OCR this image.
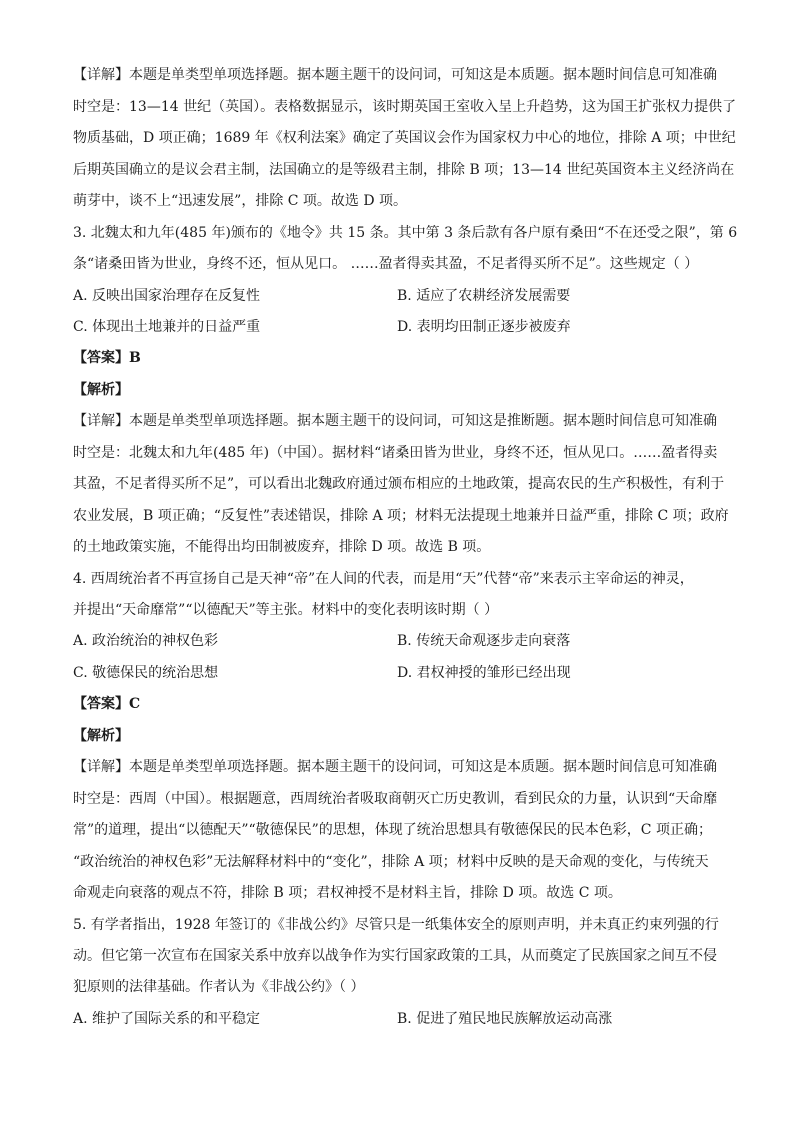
【详解】本题是单类型单项选择题。据本题主题干的设问词，可知这是本质题。据本题时间信息可知准确
时空是：13—14 世纪（英国）。表格数据显示，该时期英国王室收入呈上升趋势，这为国王扩张权力提供了
物质基础，D 项正确；1689 年《权利法案》确定了英国议会作为国家权力中心的地位，排除 A 项；中世纪
后期英国确立的是议会君主制，法国确立的是等级君主制，排除 B 项；13—14 世纪英国资本主义经济尚在
萌芽中，谈不上“迅速发展”，排除 C 项。故选 D 项。
3. 北魏太和九年(485 年)颁布的《地令》共 15 条。其中第 3 条后款有各户原有桑田“不在还受之限”，第 6
条“诸桑田皆为世业，身终不还，恒从见口。 ……盈者得卖其盈，不足者得买所不足”。这些规定（ ）
A. 反映出国家治理存在反复性	B. 适应了农耕经济发展需要
C. 体现出土地兼并的日益严重	D. 表明均田制正逐步被废弃
【答案】B
【解析】
【详解】本题是单类型单项选择题。据本题主题干的设问词，可知这是推断题。据本题时间信息可知准确
时空是：北魏太和九年(485 年)（中国）。据材料“诸桑田皆为世业，身终不还，恒从见口。……盈者得卖
其盈，不足者得买所不足”，可以看出北魏政府通过颁布相应的土地政策，提高农民的生产积极性，有利于
农业发展，B 项正确；“反复性”表述错误，排除 A 项；材料无法提现土地兼并日益严重，排除 C 项；政府
的土地政策实施，不能得出均田制被废弃，排除 D 项。故选 B 项。
4. 西周统治者不再宣扬自己是天神“帝”在人间的代表，而是用“天”代替“帝”来表示主宰命运的神灵，
并提出“天命靡常”“以德配天”等主张。材料中的变化表明该时期（ ）
A. 政治统治的神权色彩	B. 传统天命观逐步走向衰落
C. 敬德保民的统治思想	D. 君权神授的雏形已经出现
【答案】C
【解析】
【详解】本题是单类型单项选择题。据本题主题干的设问词，可知这是本质题。据本题时间信息可知准确
时空是：西周（中国）。根据题意，西周统治者吸取商朝灭亡历史教训，看到民众的力量，认识到“天命靡
常”的道理，提出“以德配天”“敬德保民”的思想，体现了统治思想具有敬德保民的民本色彩，C 项正确；
“政治统治的神权色彩”无法解释材料中的“变化”，排除 A 项；材料中反映的是天命观的变化，与传统天
命观走向衰落的观点不符，排除 B 项；君权神授不是材料主旨，排除 D 项。故选 C 项。
5. 有学者指出，1928 年签订的《非战公约》尽管只是一纸集体安全的原则声明，并未真正约束列强的行
动。但它第一次宣布在国家关系中放弃以战争作为实行国家政策的工具，从而奠定了民族国家之间互不侵
犯原则的法律基础。作者认为《非战公约》（ ）
A. 维护了国际关系的和平稳定	B. 促进了殖民地民族解放运动高涨
